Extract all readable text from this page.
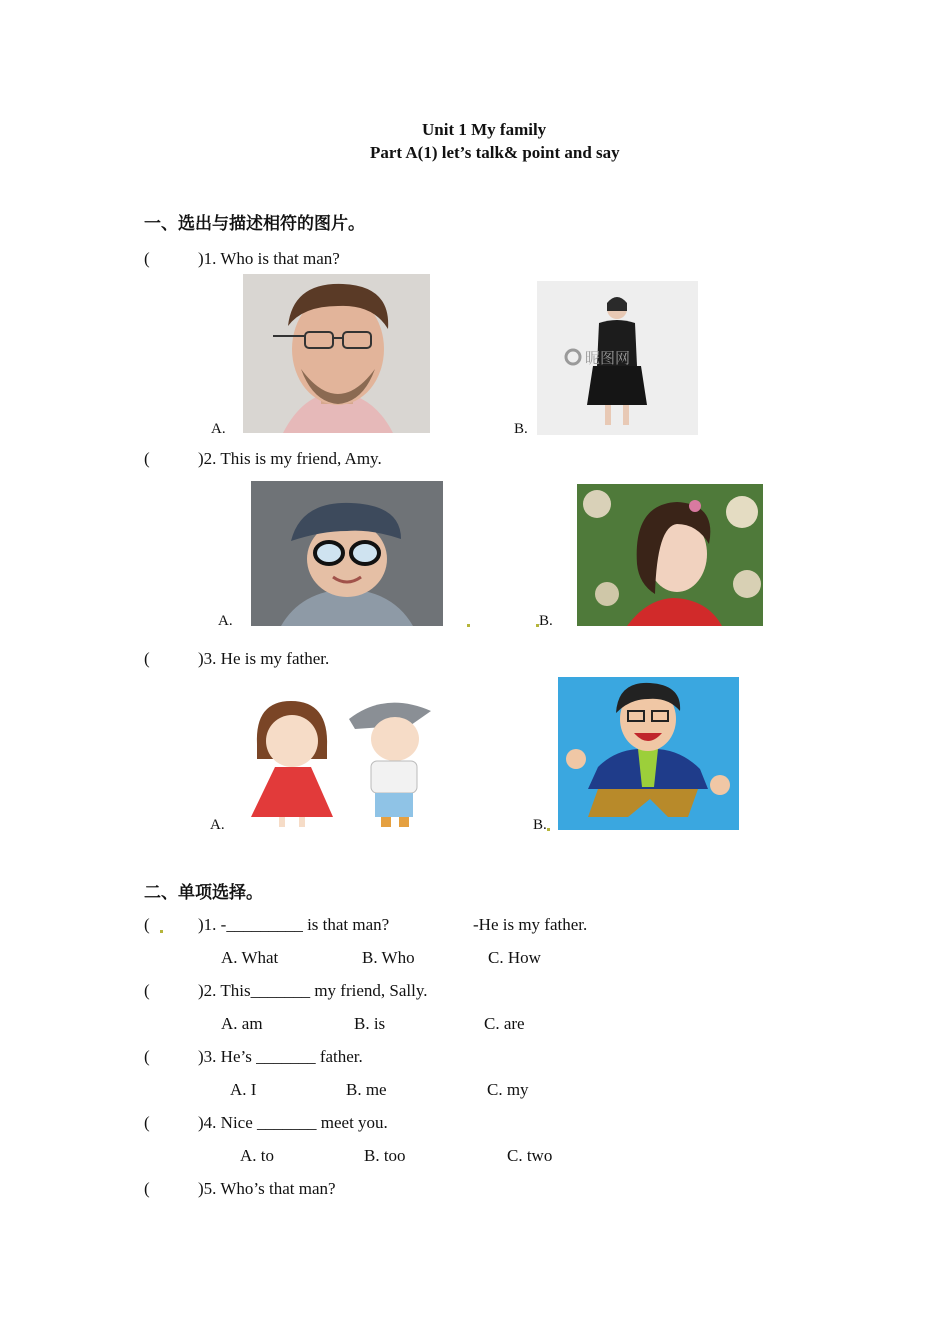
Unit 1 My family
Part A(1) let’s talk& point and say
一、选出与描述相符的图片。
(	)1. Who is that man?
A.	B.
昵图网
(	)2. This is my friend, Amy.
A.	B.
(	)3. He is my father.
A.	B.
二、单项选择。
(	)1. -_________ is that man?	-He is my father.
A. What	B. Who	C. How
(	)2. This_______ my friend, Sally.
A. am	B. is	C. are
(	)3. He’s _______ father.
A. I	B. me	C. my
(	)4. Nice _______ meet you.
A. to	B. too	C. two
(	)5. Who’s that man?
